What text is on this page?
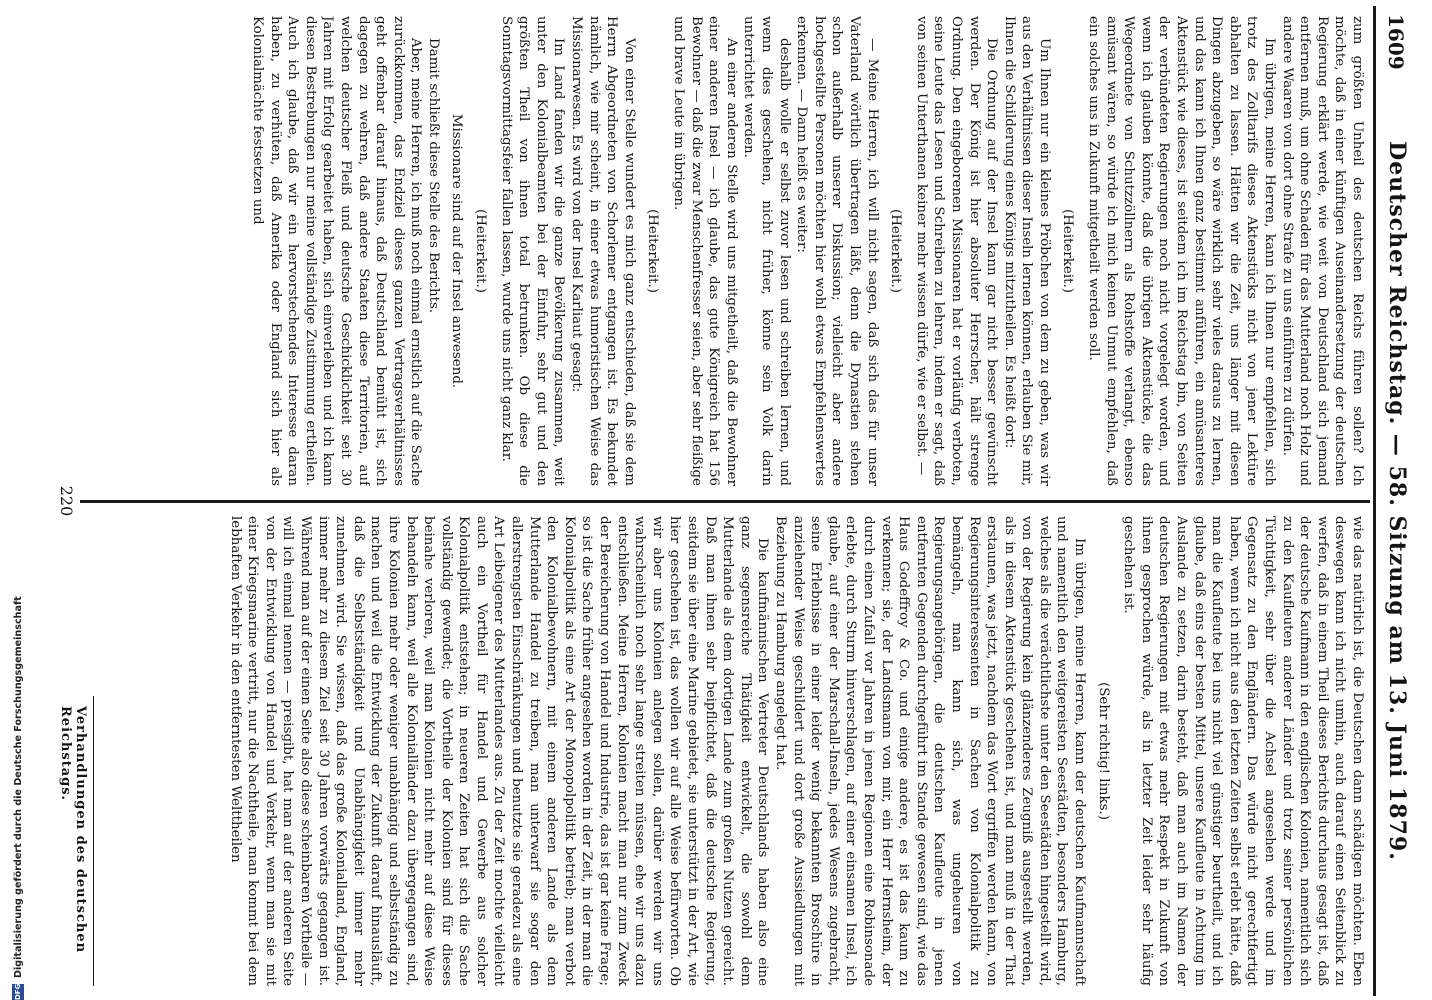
1609
Deutscher Reichstag. — 58. Sitzung am 13. Juni 1879.

zum größten Unheil des deutschen Reichs führen sollen? Ich möchte, daß in einer künftigen Auseinandersetzung der deutschen Regierung erklärt werde, wie weit von Deutschland sich jemand entfernen muß, um ohne Schaden für das Mutterland noch Holz und andere Waaren von dort ohne Strafe zu uns einführen zu dürfen.

Im übrigen, meine Herren, kann ich Ihnen nur empfehlen, sich trotz des Zolltarifs dieses Aktenstücks nicht von jener Lektüre abhalten zu lassen. Hätten wir die Zeit, uns länger mit diesen Dingen abzugeben, so wäre wirklich sehr vieles daraus zu lernen, und das kann ich Ihnen ganz bestimmt anführen, ein amüsanteres Aktenstück wie dieses, ist seitdem ich im Reichstag bin, von Seiten der verbündeten Regierungen noch nicht vorgelegt worden, und wenn ich glauben könnte, daß die übrigen Aktenstücke, die das Wegeordnete von Schutzzöllnern als Rohstoffe verlangt, ebenso amüsant wären, so würde ich mich keinen Unmut empfehlen, daß ein solches uns in Zukunft mitgetheilt werden soll.

(Heiterkeit.)

Um Ihnen nur ein kleines Pröbchen von dem zu geben, was wir aus den Verhältnissen dieser Inseln lernen können, erlauben Sie mir, Ihnen die Schilderung eines Königs mitzutheilen. Es heißt dort:

Die Ordnung auf der Insel kann gar nicht besser gewünscht werden. Der König ist hier absoluter Herrscher, hält strenge Ordnung. Den eingeborenen Missionaren hat er vorläufig verboten, seine Leute das Lesen und Schreiben zu lehren, indem er sagt, daß von seinen Unterthanen keiner mehr wissen dürfe, wie er selbst. —

(Heiterkeit.)

— Meine Herren, ich will nicht sagen, daß sich das für unser Vaterland wörtlich übertragen läßt, denn die Dynastien stehen schon außerhalb unserer Diskussion; vielleicht aber andere hochgestellte Personen möchten hier wohl etwas Empfehlenswertes erkennen. — Dann heißt es weiter:

deshalb wolle er selbst zuvor lesen und schreiben lernen, und wenn dies geschehen, nicht früher, könne sein Volk darin unterrichtet werden.

An einer anderen Stelle wird uns mitgetheilt, daß die Bewohner einer anderen Insel — ich glaube, das gute Königreich hat 156 Bewohner — daß die zwar Menschenfresser seien, aber sehr fleißige und brave Leute im übrigen.

(Heiterkeit.)

Von einer Stelle wundert es mich ganz entschieden, daß sie dem Herrn Abgeordneten von Schorlemer entgangen ist. Es bekundet nämlich, wie mir scheint, in einer etwas humoristischen Weise das Missionarwesen. Es wird von der Insel Karliaut gesagt:

Im Land fanden wir die ganze Bevölkerung zusammen, weit unter den Kolonialbeamten bei der Einfuhr, sehr gut und den größten Theil von ihnen total betrunken. Ob diese die Sonntagsvormittagsfeier fallen lassen, wurde uns nicht ganz klar.

(Heiterkeit.)
Missionare sind auf der Insel anwesend.

Damit schließt diese Stelle des Berichts.

Aber, meine Herren, ich muß noch einmal ernstlich auf die Sache zurückkommen, das Endziel dieses ganzen Vertragsverhältnisses geht offenbar darauf hinaus, daß Deutschland bemüht ist, sich dagegen zu wehren, daß andere Staaten diese Territorien, auf welchen deutscher Fleiß und deutsche Geschicklichkeit seit 30 Jahren mit Erfolg gearbeitet haben, sich einverleiben und ich kann diesen Bestrebungen nur meine vollständige Zustimmung ertheilen. Auch ich glaube, daß wir ein hervorstechendes Interesse daran haben, zu verhüten, daß Amerika oder England sich hier als Kolonialmächte festsetzen und

wie das natürlich ist, die Deutschen dann schädigen möchten. Eben deswegen kann ich nicht umhin, auch darauf einen Seitenblick zu werfen, daß in einem Theil dieses Berichts durchaus gesagt ist, daß der deutsche Kaufmann in den englischen Kolonien, namentlich sich zu den Kaufleuten anderer Länder und trotz seiner persönlichen Tüchtigkeit, sehr über die Achsel angesehen werde und im Gegensatz zu den Engländern. Das würde nicht gerechtfertigt haben, wenn ich nicht aus den letzten Zeiten selbst erlebt hätte, daß man die Kaufleute bei uns nicht viel günstiger beurtheilt, und ich glaube, daß eins der besten Mittel, unsere Kaufleute in Achtung im Auslande zu setzen, darin besteht, daß man auch im Namen der deutschen Regierungen mit etwas mehr Respekt in Zukunft von ihnen gesprochen würde, als in letzter Zeit leider sehr häufig geschehen ist.

(Sehr richtig! links.)

Im übrigen, meine Herren, kann der deutschen Kaufmannschaft und namentlich den weitgereisten Seestädten, besonders Hamburg, welches als die verächtlichste unter den Seestädten hingestellt wird, von der Regierung kein glänzenderes Zeugniß ausgestellt werden, als in diesem Aktenstück geschehen ist, und man muß in der That erstaunen, was jetzt, nachdem das Wort ergriffen werden kann, von Regierungsinteressenten in Sachen von Kolonialpolitik zu bemängeln, man kann sich, was ungeheuren von Regierungsangehörigen, die deutschen Kaufleute in jenen entfernten Gegenden durchgeführt im Stande gewesen sind, wie das Haus Godeffroy & Co. und einige andere, es ist das kaum zu verkennen; sie, der Landsmann von mir, ein Herr Hernsheim, der durch einen Zufall vor Jahren in jenen Regionen eine Robinsonade erlebte, durch Sturm hinverschlagen, auf einer einsamen Insel, ich glaube, auf einer der Marschall-Inseln, jedes Wesens zugebracht, seine Erlebnisse in einer leider wenig bekannten Broschüre in anziehender Weise geschildert und dort große Aussiedlungen mit Beziehung zu Hamburg angelegt hat.

Die kaufmännischen Vertreter Deutschlands haben also eine ganz segensreiche Thätigkeit entwickelt, die sowohl dem Mutterlande als dem dortigen Lande zum großen Nutzen gereicht. Daß man ihnen sehr beipflichtet, daß die deutsche Regierung, seitdem sie über eine Marine gebietet, sie unterstützt in der Art, wie hier geschehen ist, das wollen wir auf alle Weise befürworten. Ob wir aber uns Kolonien anlegen sollen, darüber werden wir uns wahrscheinlich noch sehr lange streiten müssen, ehe wir uns dazu entschließen. Meine Herren, Kolonien macht man nur zum Zweck der Bereicherung von Handel und Industrie, das ist gar keine Frage; so ist die Sache früher angesehen worden in der Zeit, in der man die Kolonialpolitik als eine Art der Monopolpolitik betrieb; man verbot den Kolonialbewohnern, mit einem anderen Lande als dem Mutterlande Handel zu treiben, man unterwarf sie sogar den allerstrengsten Einschränkungen und benutzte sie geradezu als eine Art Leibeigener des Mutterlandes aus. Zu der Zeit mochte vielleicht auch ein Vortheil für Handel und Gewerbe aus solcher Kolonialpolitik entstehen; in neueren Zeiten hat sich die Sache vollständig gewendet; die Vortheile der Kolonien sind für dieses beinahe verloren, weil man Kolonien nicht mehr auf diese Weise behandeln kann, weil alle Kolonialländer dazu übergegangen sind, ihre Kolonien mehr oder weniger unabhängig und selbstständig zu machen und weil die Entwicklung der Zukunft darauf hinausläuft, daß die Selbstständigkeit und Unabhängigkeit immer mehr zunehmen wird. Sie wissen, daß das große Kolonialland, England, immer mehr zu diesem Ziel seit 30 Jahren vorwärts gegangen ist. Während man auf der einen Seite also diese scheinbaren Vortheile — will ich einmal nennen — preisgibt, hat man auf der anderen Seite von der Entwicklung von Handel und Verkehr, wenn man sie mit einer Kriegsmarine vertritt, nur die Nachtheile, man kommt bei dem lebhaften Verkehr in den entferntesten Welttheilen

Verhandlungen des deutschen Reichstags.
220
DFG
Digitalisierung gefördert durch die Deutsche Forschungsgemeinschaft
